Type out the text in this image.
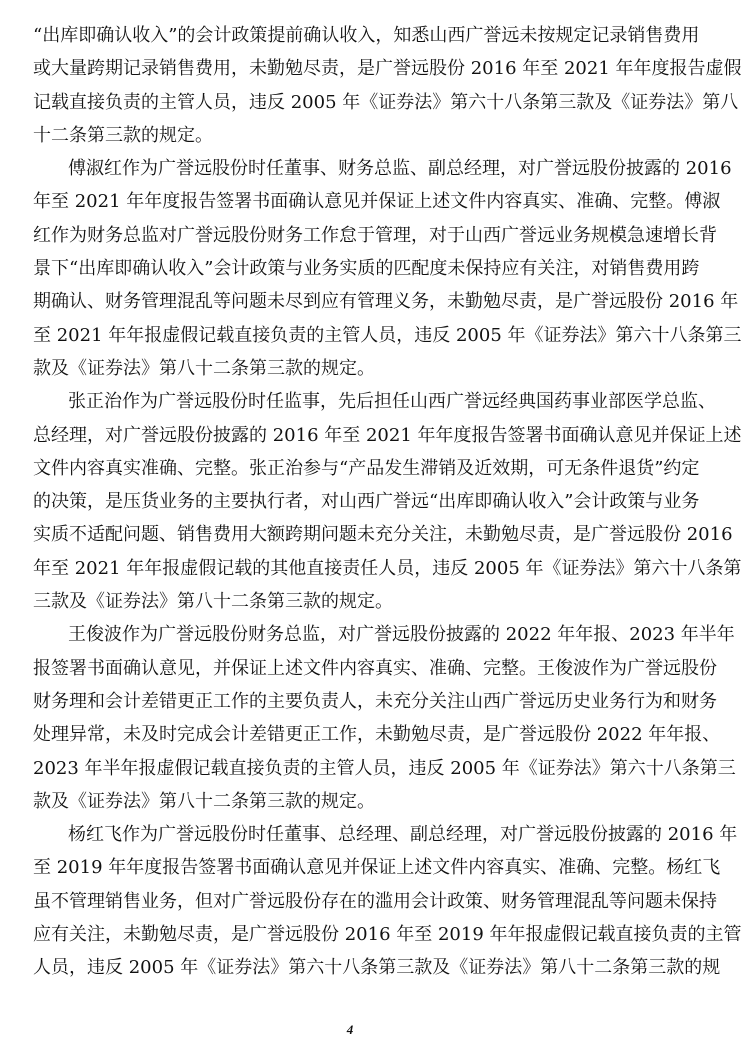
“出库即确认收入”的会计政策提前确认收入，知悉山西广誉远未按规定记录销售费用
或大量跨期记录销售费用，未勤勉尽责，是广誉远股份 2016 年至 2021 年年度报告虚假
记载直接负责的主管人员，违反 2005 年《证券法》第六十八条第三款及《证券法》第八
十二条第三款的规定。
傅淑红作为广誉远股份时任董事、财务总监、副总经理，对广誉远股份披露的 2016
年至 2021 年年度报告签署书面确认意见并保证上述文件内容真实、准确、完整。傅淑
红作为财务总监对广誉远股份财务工作怠于管理，对于山西广誉远业务规模急速增长背
景下“出库即确认收入”会计政策与业务实质的匹配度未保持应有关注，对销售费用跨
期确认、财务管理混乱等问题未尽到应有管理义务，未勤勉尽责，是广誉远股份 2016 年
至 2021 年年报虚假记载直接负责的主管人员，违反 2005 年《证券法》第六十八条第三
款及《证券法》第八十二条第三款的规定。
张正治作为广誉远股份时任监事，先后担任山西广誉远经典国药事业部医学总监、
总经理，对广誉远股份披露的 2016 年至 2021 年年度报告签署书面确认意见并保证上述
文件内容真实准确、完整。张正治参与“产品发生滞销及近效期，可无条件退货”约定
的决策，是压货业务的主要执行者，对山西广誉远“出库即确认收入”会计政策与业务
实质不适配问题、销售费用大额跨期问题未充分关注，未勤勉尽责，是广誉远股份 2016
年至 2021 年年报虚假记载的其他直接责任人员，违反 2005 年《证券法》第六十八条第
三款及《证券法》第八十二条第三款的规定。
王俊波作为广誉远股份财务总监，对广誉远股份披露的 2022 年年报、2023 年半年
报签署书面确认意见，并保证上述文件内容真实、准确、完整。王俊波作为广誉远股份
财务理和会计差错更正工作的主要负责人，未充分关注山西广誉远历史业务行为和财务
处理异常，未及时完成会计差错更正工作，未勤勉尽责，是广誉远股份 2022 年年报、
2023 年半年报虚假记载直接负责的主管人员，违反 2005 年《证券法》第六十八条第三
款及《证券法》第八十二条第三款的规定。
杨红飞作为广誉远股份时任董事、总经理、副总经理，对广誉远股份披露的 2016 年
至 2019 年年度报告签署书面确认意见并保证上述文件内容真实、准确、完整。杨红飞
虽不管理销售业务，但对广誉远股份存在的滥用会计政策、财务管理混乱等问题未保持
应有关注，未勤勉尽责，是广誉远股份 2016 年至 2019 年年报虚假记载直接负责的主管
人员，违反 2005 年《证券法》第六十八条第三款及《证券法》第八十二条第三款的规
4
